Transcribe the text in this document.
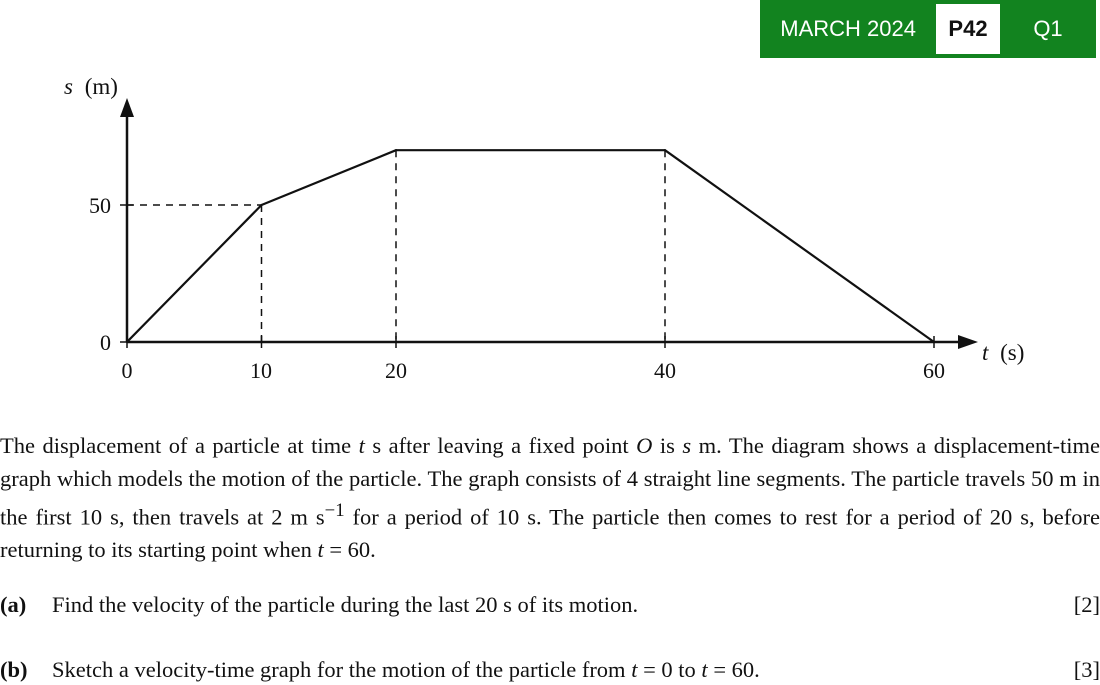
MARCH 2024	P42	Q1
s (m)
t (s)
50
0
0	10	20	40	60

The displacement of a particle at time t s after leaving a fixed point O is s m. The diagram shows a displacement-time graph which models the motion of the particle. The graph consists of 4 straight line segments. The particle travels 50 m in the first 10 s, then travels at 2 m $s^{-1}$ for a period of 10 s. The particle then comes to rest for a period of 20 s, before returning to its starting point when t = 60.

(a) Find the velocity of the particle during the last 20 s of its motion.	[2]
(b) Sketch a velocity-time graph for the motion of the particle from t = 0 to t = 60.	[3]
